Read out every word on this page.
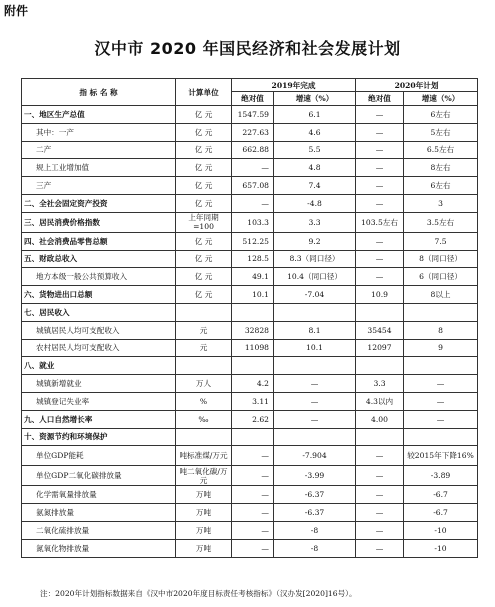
附件
汉中市 2020 年国民经济和社会发展计划
指 标 名 称	计算单位	2019年完成		2020年计划	
		绝对值	增速（%）	绝对值	增速（%）
一、地区生产总值	亿 元	1547.59	6.1	—	6左右
其中：一产	亿 元	227.63	4.6	—	5左右
二产	亿 元	662.88	5.5	—	6.5左右
规上工业增加值	亿 元	—	4.8	—	8左右
三产	亿 元	657.08	7.4	—	6左右
二、全社会固定资产投资	亿 元	—	-4.8	—	3
三、居民消费价格指数	上年同期=100	103.3	3.3	103.5左右	3.5左右
四、社会消费品零售总额	亿 元	512.25	9.2	—	7.5
五、财政总收入	亿 元	128.5	8.3（同口径）	—	8（同口径）
地方本级一般公共预算收入	亿 元	49.1	10.4（同口径）	—	6（同口径）
六、货物进出口总额	亿 元	10.1	-7.04	10.9	8以上
七、居民收入					
城镇居民人均可支配收入	元	32828	8.1	35454	8
农村居民人均可支配收入	元	11098	10.1	12097	9
八、就业					
城镇新增就业	万人	4.2	—	3.3	—
城镇登记失业率	%	3.11	—	4.3以内	—
九、人口自然增长率	‰	2.62	—	4.00	—
十、资源节约和环境保护					
单位GDP能耗	吨标准煤/万元	—	-7.904	—	较2015年下降16%
单位GDP二氧化碳排放量	吨二氧化碳/万元	—	-3.99	—	-3.89
化学需氧量排放量	万吨	—	-6.37	—	-6.7
氨氮排放量	万吨	—	-6.37	—	-6.7
二氧化硫排放量	万吨	—	-8	—	-10
氮氧化物排放量	万吨	—	-8	—	-10
注：2020年计划指标数据来自《汉中市2020年度目标责任考核指标》（汉办发[2020]16号）。
